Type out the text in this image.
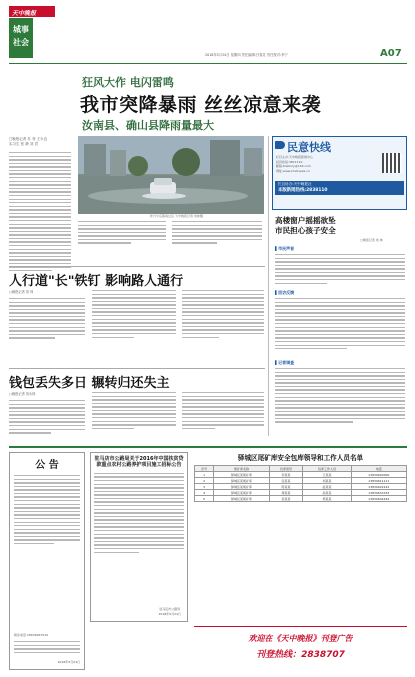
天中晚报
城事
社会
2018年5月24日 星期四 责任编辑:吕春芳 责任校对:李宁	A07
狂风大作 电闪雷鸣
我市突降暴雨 丝丝凉意来袭
汝南县、确山县降雨量最大
□晚报记者 苏 菲 王永良
实习生 张 静 刘 君
昨日午后暴雨过后 天中晚报记者 刘帅摄
民意快线
栏目主办:天中晚报新闻中心
投诉热线:3811110
邮箱:tzwbmy@163.com
网址:www.zmdnews.cn
栏目协办:天中晚报社
本版新闻热线:2838110
高楼窗户摇摇欲坠
市民担心孩子安全
□晚报记者 刘 帅
▌市民声音
▌回访反馈
▌记者调查
人行道"长"铁钉 影响路人通行
□晚报记者 刘 帅
钱包丢失多日 辗转归还失主
□晚报记者 刘永林
公 告
联系电话:18639967919
2018年5月24日
驻马店市公路局关于2016年中国扶贫贷款重点农村公路养护项目施工招标公告
驻马店市公路局
2018年5月24日
驿城区尾矿库安全包库领导和工作人员名单
序号	尾矿库名称	包库领导	包库工作人员	电话
1	驿城区某尾矿库	李某某	王某某	13839600000
2	驿城区某尾矿库	张某某	刘某某	13839611111
3	驿城区某尾矿库	陈某某	赵某某	13839622222
4	驿城区某尾矿库	周某某	孙某某	13839633333
5	驿城区某尾矿库	吴某某	郑某某	13839644444
欢迎在《天中晚报》刊登广告
刊登热线：2838707
